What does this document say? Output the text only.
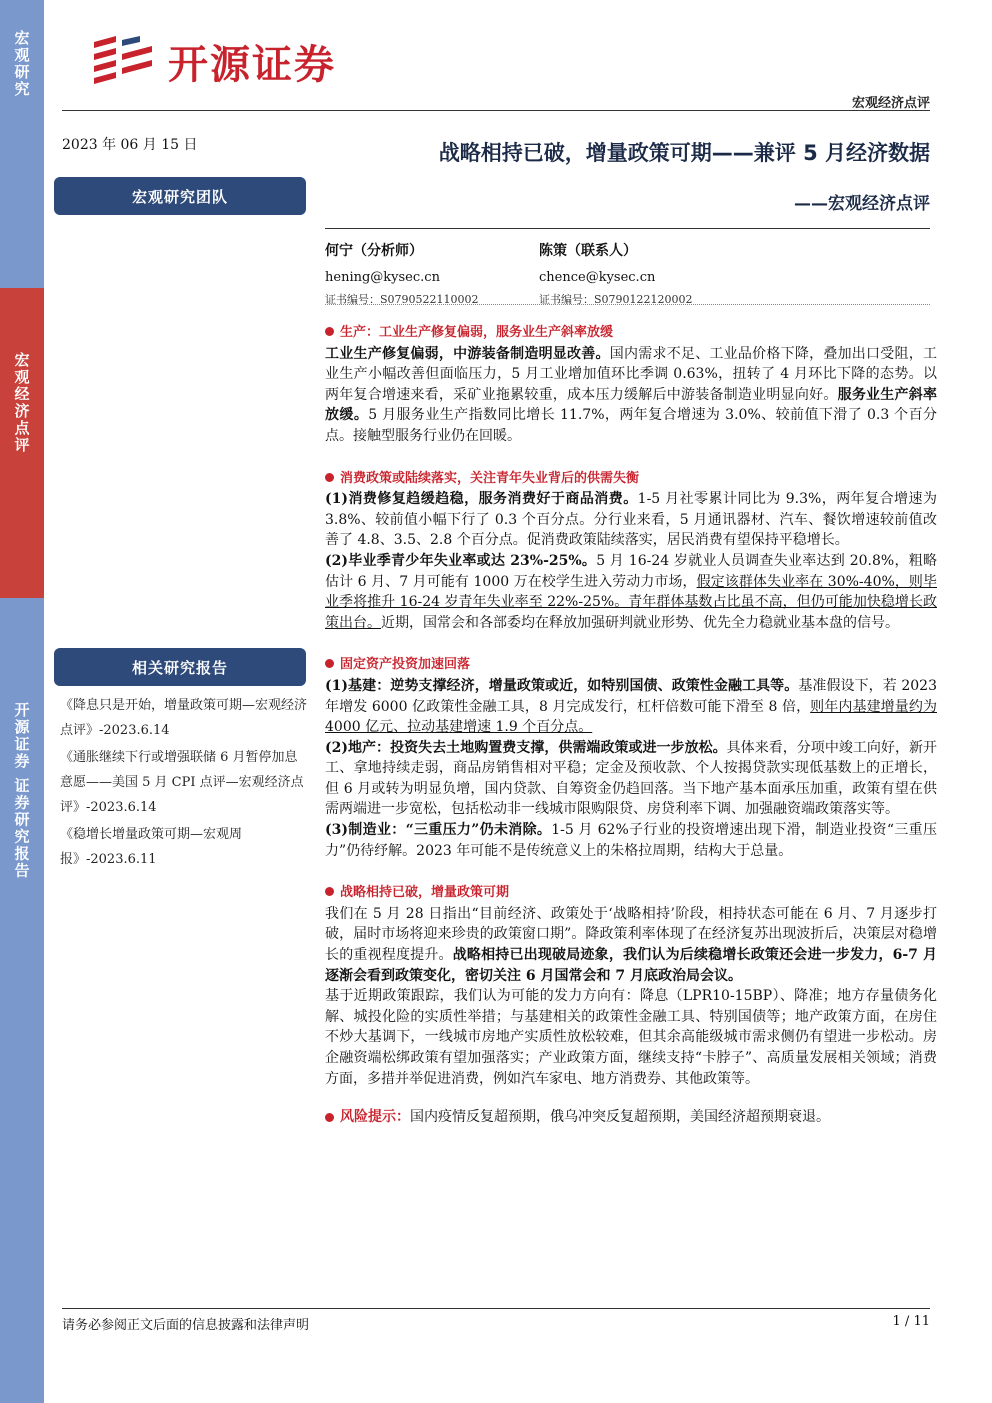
宏观研究
宏观经济点评
开源证券 证券研究报告
开源证券
宏观经济点评
2023 年 06 月 15 日	战略相持已破，增量政策可期——兼评 5 月经济数据
——宏观经济点评
宏观研究团队
何宁（分析师）
hening@kysec.cn
证书编号：S0790522110002
陈策（联系人）
chence@kysec.cn
证书编号：S0790122120002
相关研究报告
《降息只是开始，增量政策可期—宏观经济点评》-2023.6.14
《通胀继续下行或增强联储 6 月暂停加息意愿——美国 5 月 CPI 点评—宏观经济点评》-2023.6.14
《稳增长增量政策可期—宏观周报》-2023.6.11
生产：工业生产修复偏弱，服务业生产斜率放缓
工业生产修复偏弱，中游装备制造明显改善。国内需求不足、工业品价格下降，叠加出口受阻，工业生产小幅改善但面临压力，5 月工业增加值环比季调 0.63%，扭转了 4 月环比下降的态势。以两年复合增速来看，采矿业拖累较重，成本压力缓解后中游装备制造业明显向好。服务业生产斜率放缓。5 月服务业生产指数同比增长 11.7%，两年复合增速为 3.0%、较前值下滑了 0.3 个百分点。接触型服务行业仍在回暖。
消费政策或陆续落实，关注青年失业背后的供需失衡
(1)消费修复趋缓趋稳，服务消费好于商品消费。1-5 月社零累计同比为 9.3%，两年复合增速为 3.8%、较前值小幅下行了 0.3 个百分点。分行业来看，5 月通讯器材、汽车、餐饮增速较前值改善了 4.8、3.5、2.8 个百分点。促消费政策陆续落实，居民消费有望保持平稳增长。
(2)毕业季青少年失业率或达 23%-25%。5 月 16-24 岁就业人员调查失业率达到 20.8%，粗略估计 6 月、7 月可能有 1000 万在校学生进入劳动力市场，假定该群体失业率在 30%-40%，则毕业季将推升 16-24 岁青年失业率至 22%-25%。青年群体基数占比虽不高，但仍可能加快稳增长政策出台。近期，国常会和各部委均在释放加强研判就业形势、优先全力稳就业基本盘的信号。
固定资产投资加速回落
(1)基建：逆势支撑经济，增量政策或近，如特别国债、政策性金融工具等。基准假设下，若 2023 年增发 6000 亿政策性金融工具，8 月完成发行，杠杆倍数可能下滑至 8 倍，则年内基建增量约为 4000 亿元、拉动基建增速 1.9 个百分点。
(2)地产：投资失去土地购置费支撑，供需端政策或进一步放松。具体来看，分项中竣工向好，新开工、拿地持续走弱，商品房销售相对平稳；定金及预收款、个人按揭贷款实现低基数上的正增长，但 6 月或转为明显负增，国内贷款、自筹资金仍趋回落。当下地产基本面承压加重，政策有望在供需两端进一步宽松，包括松动非一线城市限购限贷、房贷利率下调、加强融资端政策落实等。
(3)制造业：“三重压力”仍未消除。1-5 月 62%子行业的投资增速出现下滑，制造业投资“三重压力”仍待纾解。2023 年可能不是传统意义上的朱格拉周期，结构大于总量。
战略相持已破，增量政策可期
我们在 5 月 28 日指出“目前经济、政策处于‘战略相持’阶段，相持状态可能在 6 月、7 月逐步打破，届时市场将迎来珍贵的政策窗口期”。降政策利率体现了在经济复苏出现波折后，决策层对稳增长的重视程度提升。战略相持已出现破局迹象，我们认为后续稳增长政策还会进一步发力，6-7 月逐渐会看到政策变化，密切关注 6 月国常会和 7 月底政治局会议。
基于近期政策跟踪，我们认为可能的发力方向有：降息（LPR10-15BP）、降准；地方存量债务化解、城投化险的实质性举措；与基建相关的政策性金融工具、特别国债等；地产政策方面，在房住不炒大基调下，一线城市房地产实质性放松较难，但其余高能级城市需求侧仍有望进一步松动。房企融资端松绑政策有望加强落实；产业政策方面，继续支持“卡脖子”、高质量发展相关领域；消费方面，多措并举促进消费，例如汽车家电、地方消费券、其他政策等。
风险提示：国内疫情反复超预期，俄乌冲突反复超预期，美国经济超预期衰退。
请务必参阅正文后面的信息披露和法律声明	1 / 11
